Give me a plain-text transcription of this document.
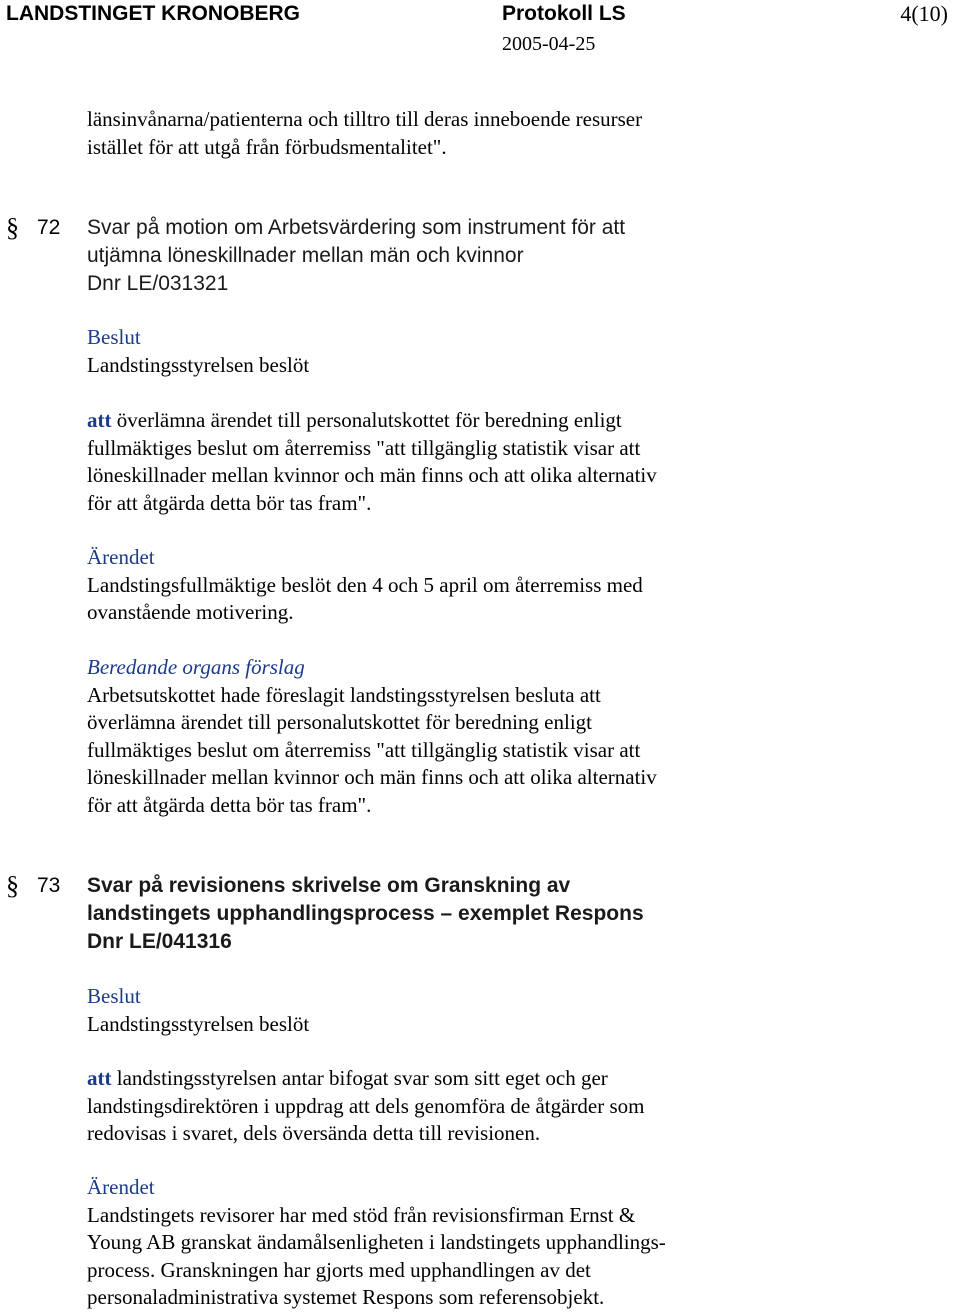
LANDSTINGET KRONOBERG	Protokoll LS	4(10)
2005-04-25
länsinvånarna/patienterna och tilltro till deras inneboende resurser
istället för att utgå från förbudsmentalitet".
§ 72 Svar på motion om Arbetsvärdering som instrument för att
utjämna löneskillnader mellan män och kvinnor
Dnr LE/031321
Beslut
Landstingsstyrelsen beslöt
att överlämna ärendet till personalutskottet för beredning enligt
fullmäktiges beslut om återremiss "att tillgänglig statistik visar att
löneskillnader mellan kvinnor och män finns och att olika alternativ
för att åtgärda detta bör tas fram".
Ärendet
Landstingsfullmäktige beslöt den 4 och 5 april om återremiss med
ovanstående motivering.
Beredande organs förslag
Arbetsutskottet hade föreslagit landstingsstyrelsen besluta att
överlämna ärendet till personalutskottet för beredning enligt
fullmäktiges beslut om återremiss "att tillgänglig statistik visar att
löneskillnader mellan kvinnor och män finns och att olika alternativ
för att åtgärda detta bör tas fram".
§ 73 Svar på revisionens skrivelse om Granskning av
landstingets upphandlingsprocess – exemplet Respons
Dnr LE/041316
Beslut
Landstingsstyrelsen beslöt
att landstingsstyrelsen antar bifogat svar som sitt eget och ger
landstingsdirektören i uppdrag att dels genomföra de åtgärder som
redovisas i svaret, dels översända detta till revisionen.
Ärendet
Landstingets revisorer har med stöd från revisionsfirman Ernst &
Young AB granskat ändamålsenligheten i landstingets upphandlings-
process. Granskningen har gjorts med upphandlingen av det
personaladministrativa systemet Respons som referensobjekt.
